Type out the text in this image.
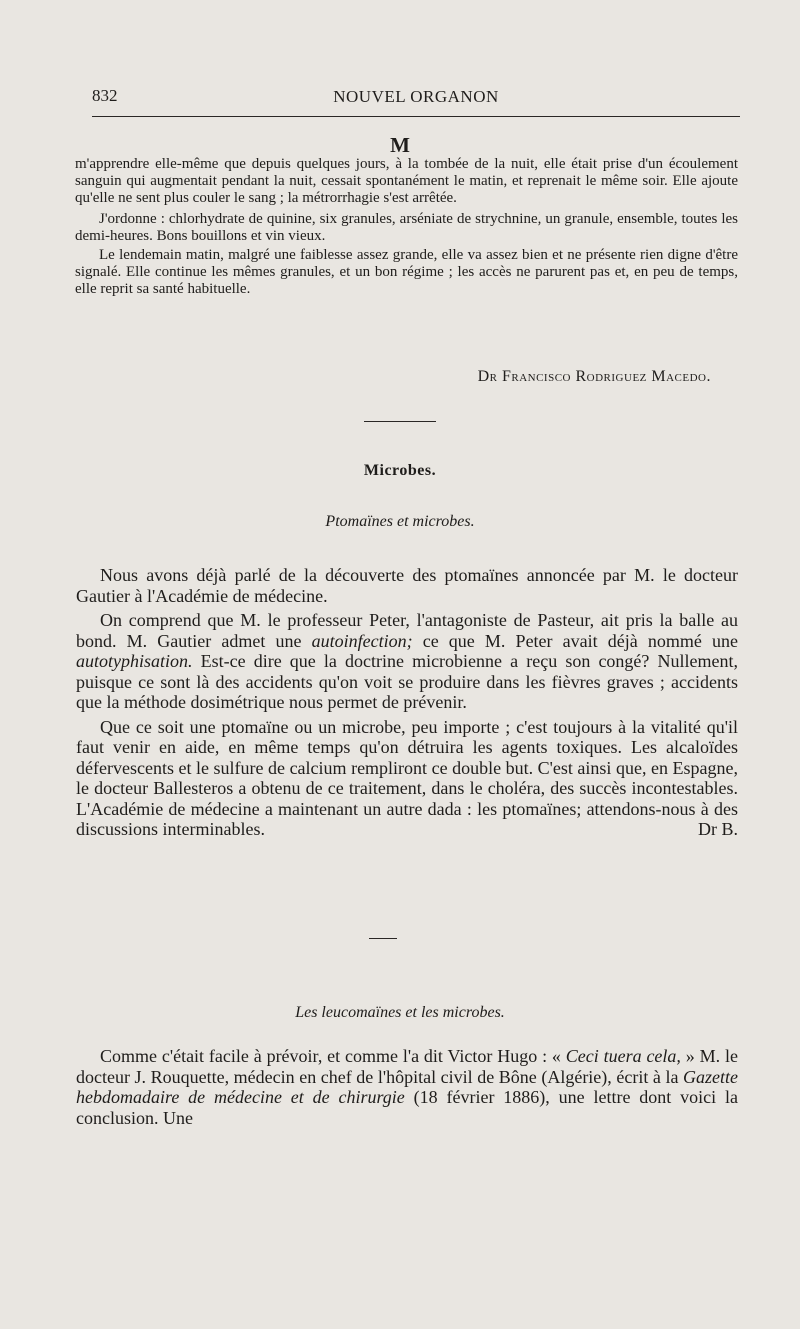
832	NOUVEL ORGANON
M

m'apprendre elle-même que depuis quelques jours, à la tombée de la nuit, elle était prise d'un écoulement sanguin qui augmentait pendant la nuit, cessait spontanément le matin, et reprenait le même soir. Elle ajoute qu'elle ne sent plus couler le sang ; la métrorrhagie s'est arrêtée.

J'ordonne : chlorhydrate de quinine, six granules, arséniate de strychnine, un granule, ensemble, toutes les demi-heures. Bons bouillons et vin vieux.

Le lendemain matin, malgré une faiblesse assez grande, elle va assez bien et ne présente rien digne d'être signalé. Elle continue les mêmes granules, et un bon régime ; les accès ne parurent pas et, en peu de temps, elle reprit sa santé habituelle.

Dr Francisco Rodriguez Macedo.
Microbes.
Ptomaïnes et microbes.

Nous avons déjà parlé de la découverte des ptomaïnes annoncée par M. le docteur Gautier à l'Académie de médecine.

On comprend que M. le professeur Peter, l'antagoniste de Pasteur, ait pris la balle au bond. M. Gautier admet une autoinfection; ce que M. Peter avait déjà nommé une autotyphisation. Est-ce dire que la doctrine microbienne a reçu son congé? Nullement, puisque ce sont là des accidents qu'on voit se produire dans les fièvres graves ; accidents que la méthode dosimétrique nous permet de prévenir.

Que ce soit une ptomaïne ou un microbe, peu importe ; c'est toujours à la vitalité qu'il faut venir en aide, en même temps qu'on détruira les agents toxiques. Les alcaloïdes défervescents et le sulfure de calcium rempliront ce double but. C'est ainsi que, en Espagne, le docteur Ballesteros a obtenu de ce traitement, dans le choléra, des succès incontestables. L'Académie de médecine a maintenant un autre dada : les ptomaïnes; attendons-nous à des discussions interminables.	Dr B.

Les leucomaïnes et les microbes.

Comme c'était facile à prévoir, et comme l'a dit Victor Hugo : « Ceci tuera cela, » M. le docteur J. Rouquette, médecin en chef de l'hôpital civil de Bône (Algérie), écrit à la Gazette hebdomadaire de médecine et de chirurgie (18 février 1886), une lettre dont voici la conclusion. Une
